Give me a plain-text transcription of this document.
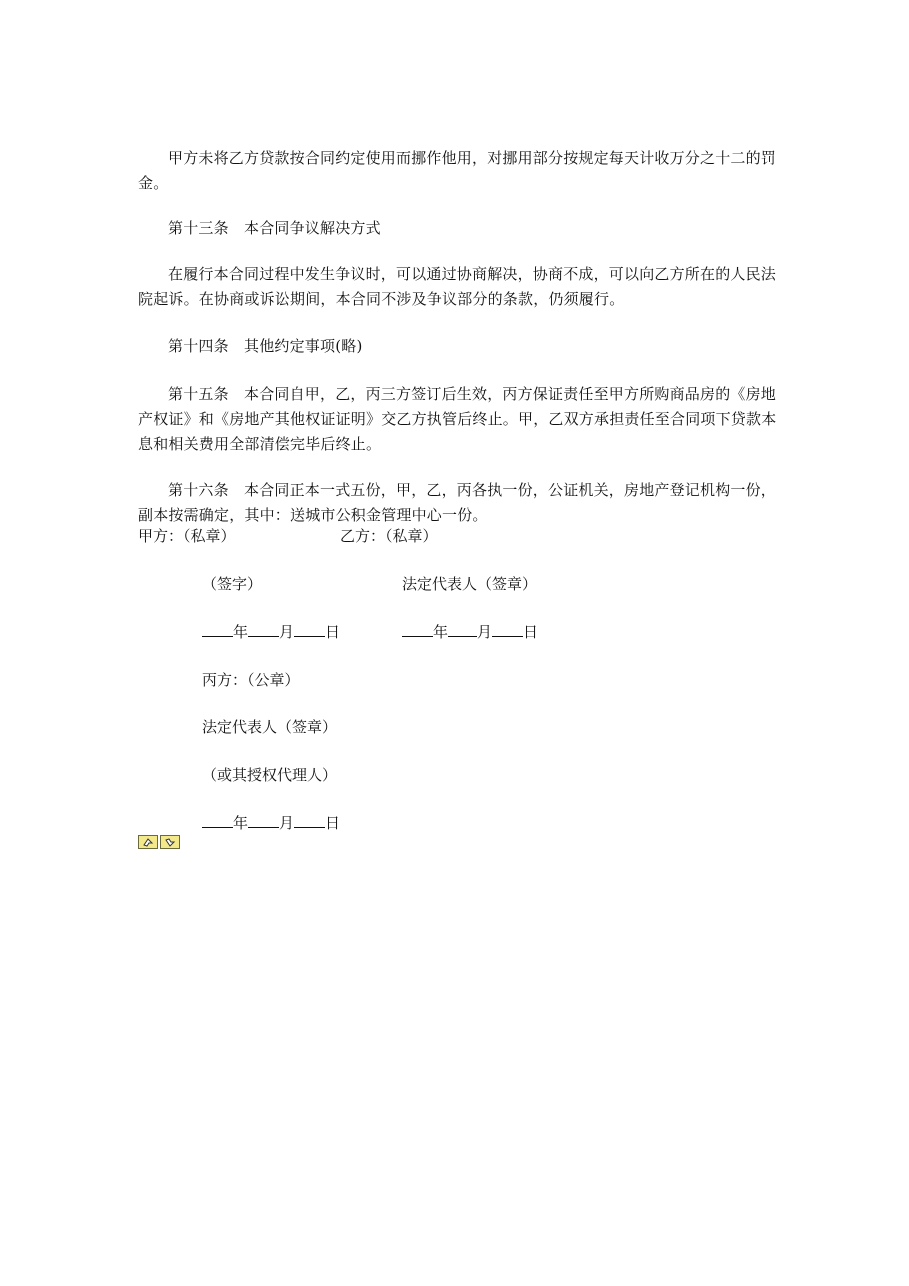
甲方未将乙方贷款按合同约定使用而挪作他用，对挪用部分按规定每天计收万分之十二的罚金。

第十三条　本合同争议解决方式

在履行本合同过程中发生争议时，可以通过协商解决，协商不成，可以向乙方所在的人民法院起诉。在协商或诉讼期间，本合同不涉及争议部分的条款，仍须履行。

第十四条　其他约定事项(略)

第十五条　本合同自甲，乙，丙三方签订后生效，丙方保证责任至甲方所购商品房的《房地产权证》和《房地产其他权证证明》交乙方执管后终止。甲，乙双方承担责任至合同项下贷款本息和相关费用全部清偿完毕后终止。

第十六条　本合同正本一式五份，甲，乙，丙各执一份，公证机关，房地产登记机构一份，副本按需确定，其中：送城市公积金管理中心一份。

甲方：（私章）	乙方：（私章）
（签字）	法定代表人（签章）
年 月 日	年 月 日
丙方：（公章）
法定代表人（签章）
（或其授权代理人）
年 月 日
